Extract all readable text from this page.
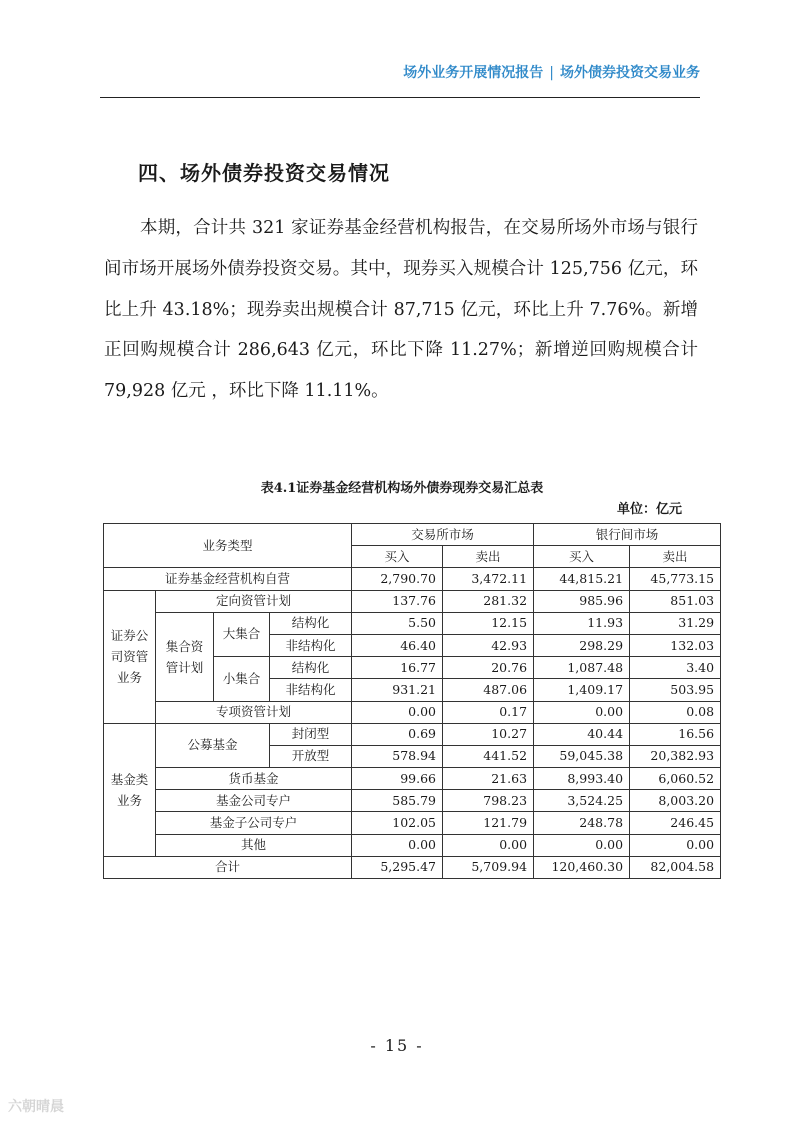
场外业务开展情况报告 | 场外债券投资交易业务
四、场外债券投资交易情况

本期，合计共 321 家证券基金经营机构报告，在交易所场外市场与银行间市场开展场外债券投资交易。其中，现券买入规模合计 125,756 亿元，环比上升 43.18%；现券卖出规模合计 87,715 亿元，环比上升 7.76%。新增正回购规模合计 286,643 亿元，环比下降 11.27%；新增逆回购规模合计 79,928 亿元 ，环比下降 11.11%。

表4.1证券基金经营机构场外债券现券交易汇总表
单位：亿元
业务类型				交易所市场		银行间市场	
				买入	卖出	买入	卖出
证券基金经营机构自营				2,790.70	3,472.11	44,815.21	45,773.15
证券公司资管业务	定向资管计划			137.76	281.32	985.96	851.03
	集合资管计划	大集合	结构化	5.50	12.15	11.93	31.29
			非结构化	46.40	42.93	298.29	132.03
		小集合	结构化	16.77	20.76	1,087.48	3.40
			非结构化	931.21	487.06	1,409.17	503.95
	专项资管计划			0.00	0.17	0.00	0.08
基金类业务	公募基金		封闭型	0.69	10.27	40.44	16.56
			开放型	578.94	441.52	59,045.38	20,382.93
	货币基金			99.66	21.63	8,993.40	6,060.52
	基金公司专户			585.79	798.23	3,524.25	8,003.20
	基金子公司专户			102.05	121.79	248.78	246.45
	其他			0.00	0.00	0.00	0.00
合计				5,295.47	5,709.94	120,460.30	82,004.58
- 15 -
六朝晴晨
